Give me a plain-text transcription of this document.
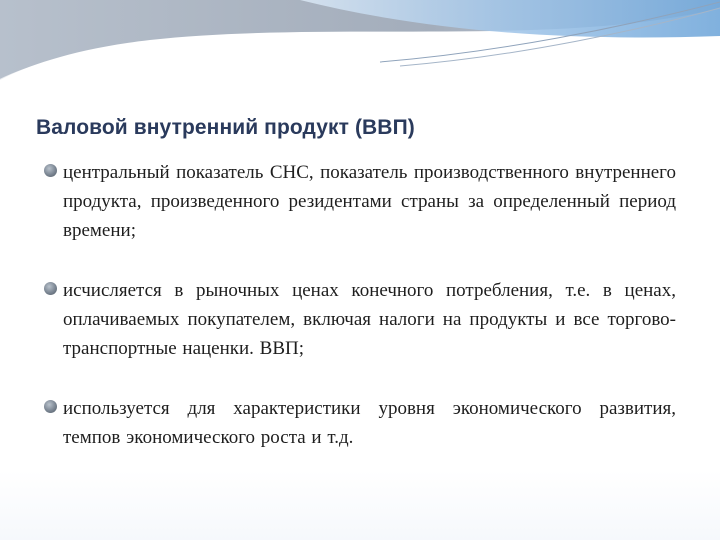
Валовой внутренний продукт (ВВП)
центральный показатель СНС, показатель производственного внутреннего продукта, произведенного резидентами страны за определенный период времени;
исчисляется в рыночных ценах конечного потребления, т.е. в ценах, оплачиваемых покупателем, включая налоги на продукты и все торгово-транспортные наценки. ВВП;
используется для характеристики уровня экономического развития, темпов экономического роста и т.д.
